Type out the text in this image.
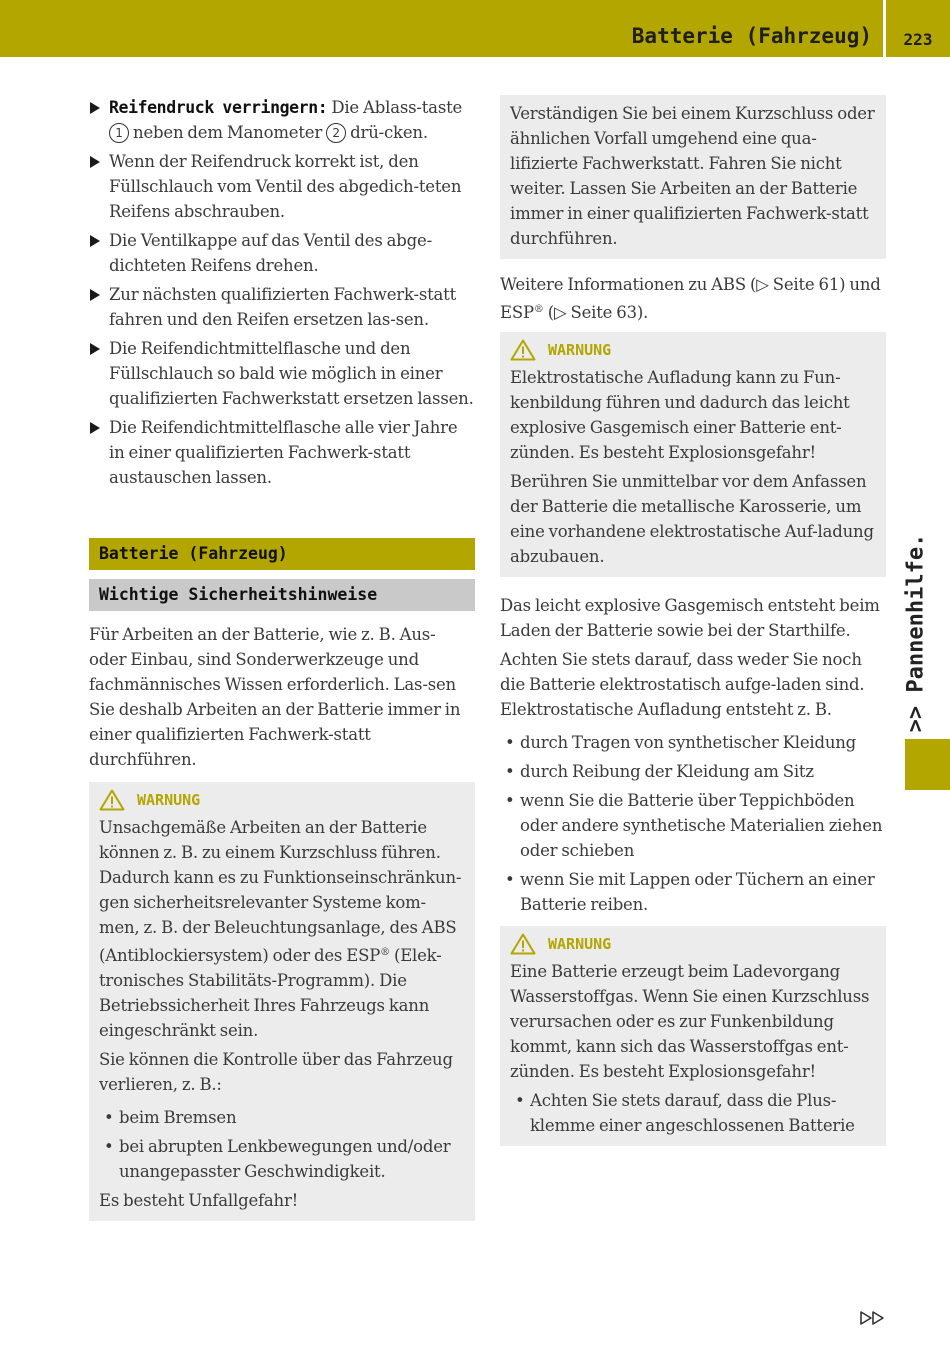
Batterie (Fahrzeug)	223
>> Pannenhilfe.
Reifendruck verringern: Die Ablass-taste 1 neben dem Manometer 2 drü-cken.
Wenn der Reifendruck korrekt ist, den Füllschlauch vom Ventil des abgedich-teten Reifens abschrauben.
Die Ventilkappe auf das Ventil des abge-dichteten Reifens drehen.
Zur nächsten qualifizierten Fachwerk-statt fahren und den Reifen ersetzen las-sen.
Die Reifendichtmittelflasche und den Füllschlauch so bald wie möglich in einer qualifizierten Fachwerkstatt ersetzen lassen.
Die Reifendichtmittelflasche alle vier Jahre in einer qualifizierten Fachwerk-statt austauschen lassen.
Batterie (Fahrzeug)
Wichtige Sicherheitshinweise

Für Arbeiten an der Batterie, wie z. B. Aus- oder Einbau, sind Sonderwerkzeuge und fachmännisches Wissen erforderlich. Las-sen Sie deshalb Arbeiten an der Batterie immer in einer qualifizierten Fachwerk-statt durchführen.

WARNUNG

Unsachgemäße Arbeiten an der Batterie können z. B. zu einem Kurzschluss führen. Dadurch kann es zu Funktionseinschränkun-gen sicherheitsrelevanter Systeme kom-men, z. B. der Beleuchtungsanlage, des ABS (Antiblockiersystem) oder des ESP® (Elek-tronisches Stabilitäts-Programm). Die Betriebssicherheit Ihres Fahrzeugs kann eingeschränkt sein.

Sie können die Kontrolle über das Fahrzeug verlieren, z. B.:

• beim Bremsen
• bei abrupten Lenkbewegungen und/oder unangepasster Geschwindigkeit.

Es besteht Unfallgefahr!

Verständigen Sie bei einem Kurzschluss oder ähnlichen Vorfall umgehend eine qua-lifizierte Fachwerkstatt. Fahren Sie nicht weiter. Lassen Sie Arbeiten an der Batterie immer in einer qualifizierten Fachwerk-statt durchführen.

Weitere Informationen zu ABS (▷ Seite 61) und ESP® (▷ Seite 63).

WARNUNG

Elektrostatische Aufladung kann zu Fun-kenbildung führen und dadurch das leicht explosive Gasgemisch einer Batterie ent-zünden. Es besteht Explosionsgefahr!

Berühren Sie unmittelbar vor dem Anfassen der Batterie die metallische Karosserie, um eine vorhandene elektrostatische Auf-ladung abzubauen.

Das leicht explosive Gasgemisch entsteht beim Laden der Batterie sowie bei der Starthilfe.

Achten Sie stets darauf, dass weder Sie noch die Batterie elektrostatisch aufge-laden sind. Elektrostatische Aufladung entsteht z. B.

• durch Tragen von synthetischer Kleidung
• durch Reibung der Kleidung am Sitz
• wenn Sie die Batterie über Teppichböden oder andere synthetische Materialien ziehen oder schieben
• wenn Sie mit Lappen oder Tüchern an einer Batterie reiben.
WARNUNG

Eine Batterie erzeugt beim Ladevorgang Wasserstoffgas. Wenn Sie einen Kurzschluss verursachen oder es zur Funkenbildung kommt, kann sich das Wasserstoffgas ent-zünden. Es besteht Explosionsgefahr!

• Achten Sie stets darauf, dass die Plus-klemme einer angeschlossenen Batterie
